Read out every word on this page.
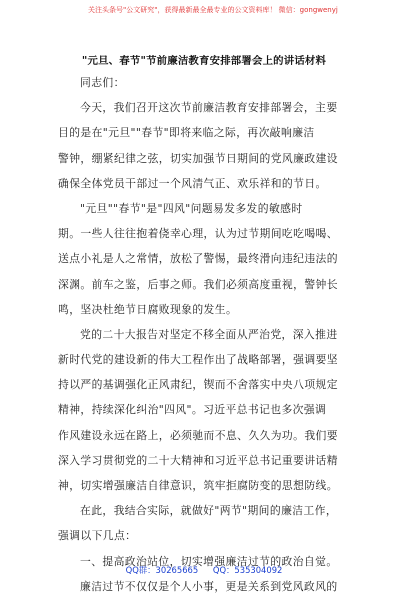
关注头条号"公文研究"，获得最新最全最专业的公文资料库！ 微信：gongwenyj
"元旦、春节"节前廉洁教育安排部署会上的讲话材料
同志们：
今天，我们召开这次节前廉洁教育安排部署会，主要
目的是在"元旦""春节"即将来临之际，再次敲响廉洁
警钟，绷紧纪律之弦，切实加强节日期间的党风廉政建设
确保全体党员干部过一个风清气正、欢乐祥和的节日。
"元旦""春节"是"四风"问题易发多发的敏感时
期。一些人往往抱着侥幸心理，认为过节期间吃吃喝喝、
送点小礼是人之常情，放松了警惕，最终滑向违纪违法的
深渊。前车之鉴，后事之师。我们必须高度重视，警钟长
鸣，坚决杜绝节日腐败现象的发生。
党的二十大报告对坚定不移全面从严治党，深入推进
新时代党的建设新的伟大工程作出了战略部署，强调要坚
持以严的基调强化正风肃纪，锲而不舍落实中央八项规定
精神，持续深化纠治"四风"。习近平总书记也多次强调
作风建设永远在路上，必须驰而不息、久久为功。我们要
深入学习贯彻党的二十大精神和习近平总书记重要讲话精
神，切实增强廉洁自律意识，筑牢拒腐防变的思想防线。
在此，我结合实际，就做好"两节"期间的廉洁工作，
强调以下几点：
一、提高政治站位，切实增强廉洁过节的政治自觉。
廉洁过节不仅仅是个人小事，更是关系到党风政风的
QQ群：30265665 QQ：535304092
